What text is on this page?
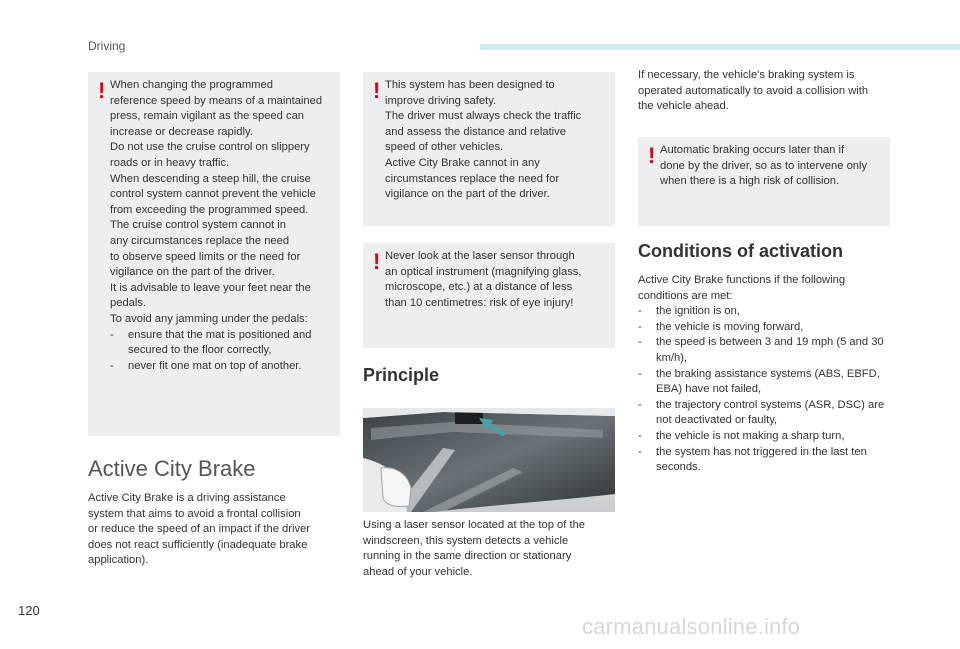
Driving
! When changing the programmed
reference speed by means of a maintained
press, remain vigilant as the speed can
increase or decrease rapidly.
Do not use the cruise control on slippery
roads or in heavy traffic.
When descending a steep hill, the cruise
control system cannot prevent the vehicle
from exceeding the programmed speed.
The cruise control system cannot in
any circumstances replace the need
to observe speed limits or the need for
vigilance on the part of the driver.
It is advisable to leave your feet near the
pedals.
To avoid any jamming under the pedals:
-	ensure that the mat is positioned and secured to the floor correctly,
-	never fit one mat on top of another.
Active City Brake
Active City Brake is a driving assistance
system that aims to avoid a frontal collision
or reduce the speed of an impact if the driver
does not react sufficiently (inadequate brake
application).
! This system has been designed to
improve driving safety.
The driver must always check the traffic
and assess the distance and relative
speed of other vehicles.
Active City Brake cannot in any
circumstances replace the need for
vigilance on the part of the driver.
! Never look at the laser sensor through
an optical instrument (magnifying glass,
microscope, etc.) at a distance of less
than 10 centimetres: risk of eye injury!
Principle
Using a laser sensor located at the top of the
windscreen, this system detects a vehicle
running in the same direction or stationary
ahead of your vehicle.
If necessary, the vehicle's braking system is
operated automatically to avoid a collision with
the vehicle ahead.
! Automatic braking occurs later than if
done by the driver, so as to intervene only
when there is a high risk of collision.
Conditions of activation
Active City Brake functions if the following
conditions are met:
-	the ignition is on,
-	the vehicle is moving forward,
-	the speed is between 3 and 19 mph (5 and 30 km/h),
-	the braking assistance systems (ABS, EBFD, EBA) have not failed,
-	the trajectory control systems (ASR, DSC) are not deactivated or faulty,
-	the vehicle is not making a sharp turn,
-	the system has not triggered in the last ten seconds.
120
carmanualsonline.info
